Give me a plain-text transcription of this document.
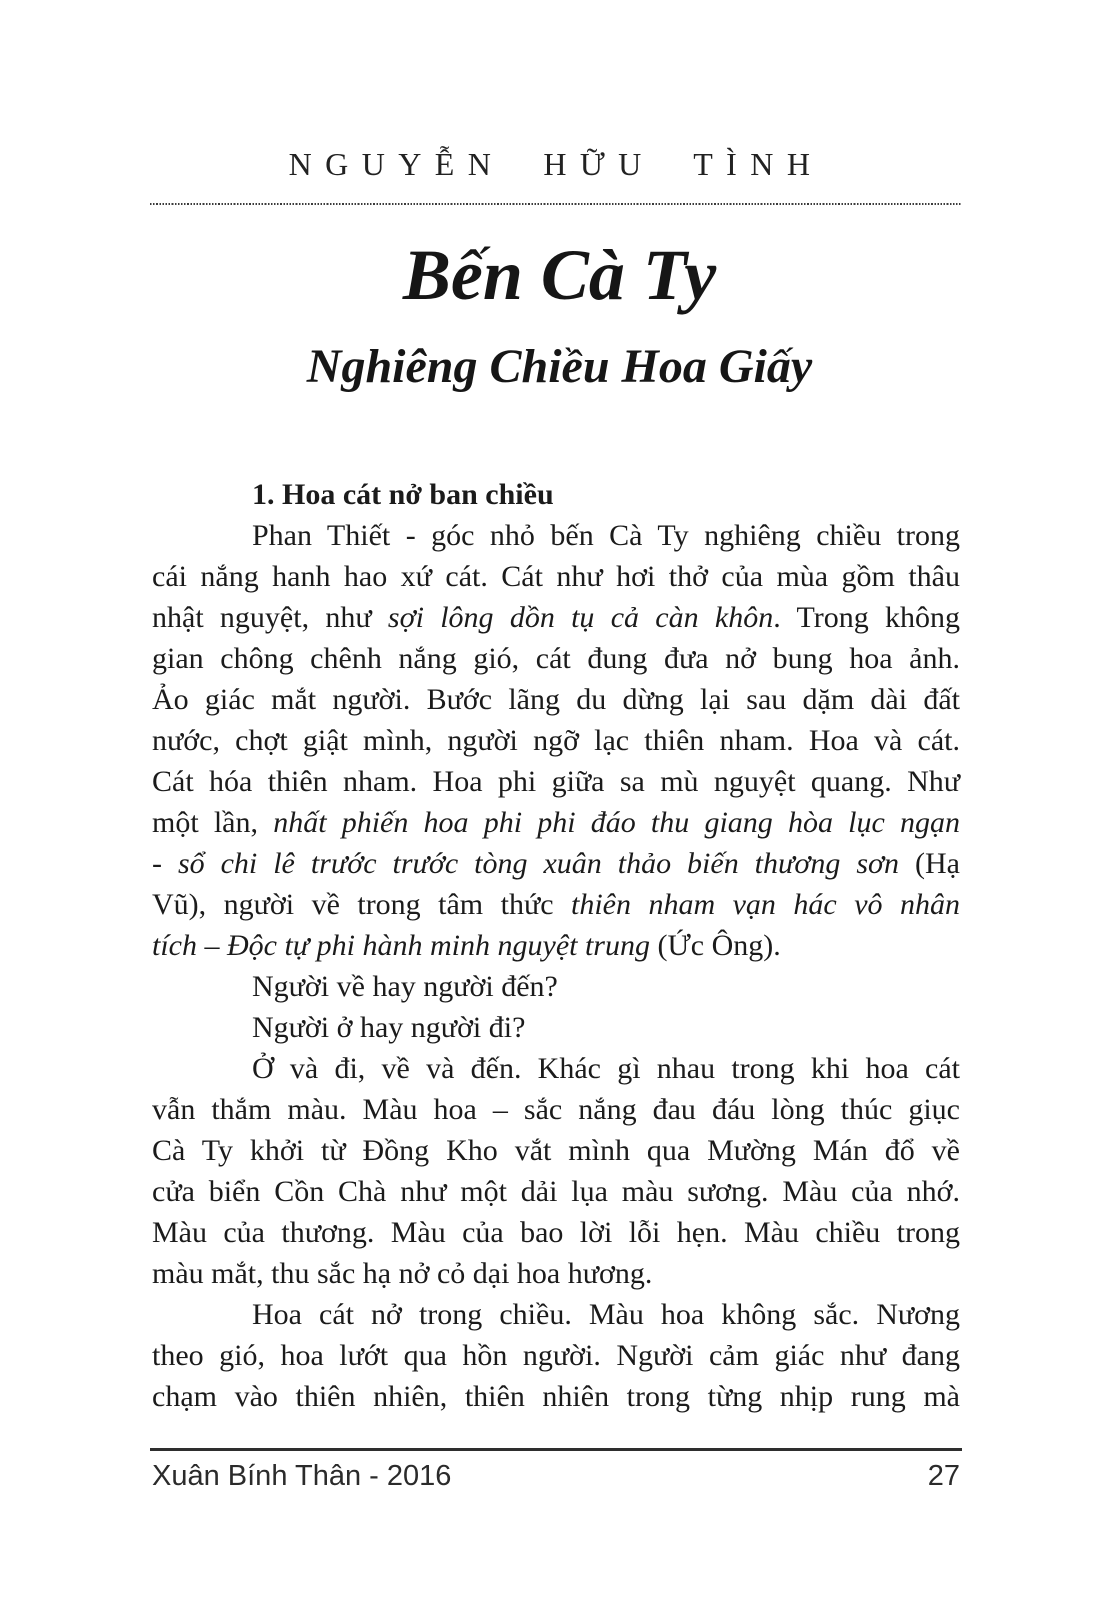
NGUYỄN HỮU TÌNH
Bến Cà Ty
Nghiêng Chiều Hoa Giấy
1. Hoa cát nở ban chiều
Phan Thiết - góc nhỏ bến Cà Ty nghiêng chiều trong
cái nắng hanh hao xứ cát. Cát như hơi thở của mùa gồm thâu
nhật nguyệt, như sợi lông dồn tụ cả càn khôn. Trong không
gian chông chênh nắng gió, cát đung đưa nở bung hoa ảnh.
Ảo giác mắt người. Bước lãng du dừng lại sau dặm dài đất
nước, chợt giật mình, người ngỡ lạc thiên nham. Hoa và cát.
Cát hóa thiên nham. Hoa phi giữa sa mù nguyệt quang. Như
một lần, nhất phiến hoa phi phi đáo thu giang hòa lục ngạn
- sổ chi lê trước trước tòng xuân thảo biến thương sơn (Hạ
Vũ), người về trong tâm thức thiên nham vạn hác vô nhân
tích – Độc tự phi hành minh nguyệt trung (Ức Ông).
Người về hay người đến?
Người ở hay người đi?
Ở và đi, về và đến. Khác gì nhau trong khi hoa cát
vẫn thắm màu. Màu hoa – sắc nắng đau đáu lòng thúc giục
Cà Ty khởi từ Đồng Kho vắt mình qua Mường Mán đổ về
cửa biển Cồn Chà như một dải lụa màu sương. Màu của nhớ.
Màu của thương. Màu của bao lời lỗi hẹn. Màu chiều trong
màu mắt, thu sắc hạ nở cỏ dại hoa hương.
Hoa cát nở trong chiều. Màu hoa không sắc. Nương
theo gió, hoa lướt qua hồn người. Người cảm giác như đang
chạm vào thiên nhiên, thiên nhiên trong từng nhịp rung mà
Xuân Bính Thân - 2016	27
